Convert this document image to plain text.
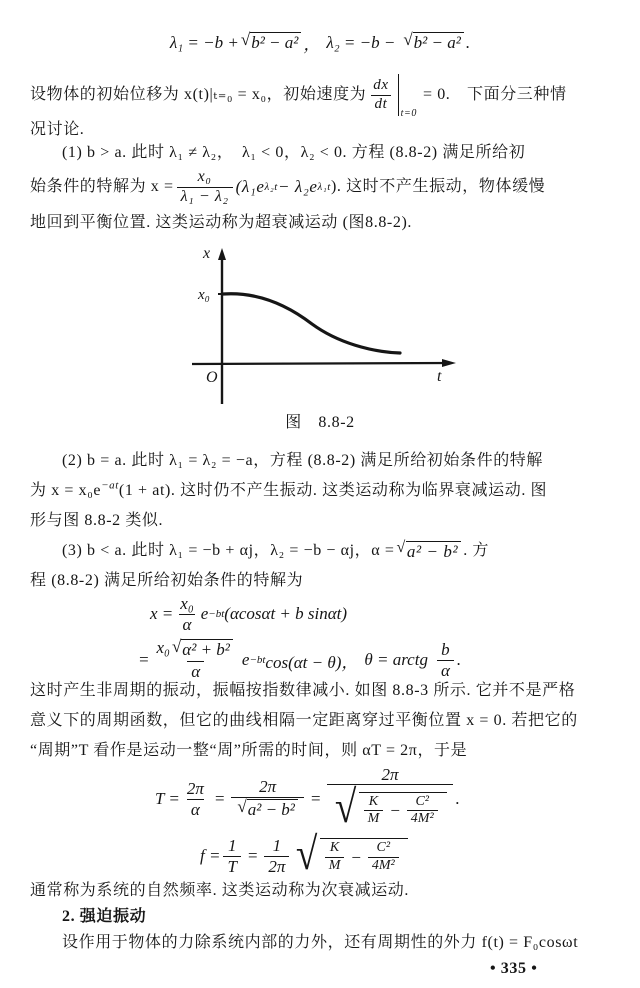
λ₁ = −b + √ b² − a² ， λ₂ = −b − √ b² − a² .
设物体的初始位移为 x(t)|ₜ₌₀ = x₀，初始速度为 $\frac{dx}{dt}$
t=0
= 0.　下面分三种情
况讨论.
(1) b > a. 此时 λ₁ ≠ λ₂，　λ₁ < 0，λ₂ < 0. 方程 (8.8-2) 满足所给初
始条件的特解为 $x = \frac{\text{x₀}}{\text{λ₁ − λ₂}} (\lambda_1e$ λ₂t − λ₂e λ₁t ). 这时不产生振动，物体缓慢
地回到平衡位置. 这类运动称为超衰减运动 (图8.8-2).
x
x₀
O	t
图　8.8-2
(2) b = a. 此时 λ₁ = λ₂ = −a，方程 (8.8-2) 满足所给初始条件的特解
为 $x = x_0e^{-at}(1 + at)$. 这时仍不产生振动. 这类运动称为临界衰减运动. 图
形与图 8.8-2 类似.
(3) b < a. 此时 λ₁ = −b + αj，λ₂ = −b − αj，α = √ a² − b² . 方
程 (8.8-2) 满足所给初始条件的特解为
$x = \frac{\text{x₀}}{\alpha}$ e −bt (αcosαt + b sinαt)
= $\frac{\text{x₀ √ α² + b²}}{\alpha}$ e −bt cos(αt − θ)， θ = arctg $\frac{b}{\alpha}$ .
这时产生非周期的振动，振幅按指数律减小. 如图 8.8-3 所示. 它并不是严格
意义下的周期函数，但它的曲线相隔一定距离穿过平衡位置 x = 0. 若把它的
“周期”T 看作是运动一整“周”所需的时间，则 αT = 2π，于是
$T = \frac{2\pi}{\alpha} = \frac{2\pi}{\text{√ a² − b²}}$ =
2π
√ $\frac{K}{M} - \frac{\text{C²}}{\text{4M²}}$ .
$f = \frac{1}{T} = \frac{1}{2\pi}$ √ $\frac{K}{M} - \frac{\text{C²}}{\text{4M²}}$
通常称为系统的自然频率. 这类运动称为次衰减运动.
2. 强迫振动
设作用于物体的力除系统内部的力外，还有周期性的外力 f(t) = F₀cosωt
• 335 •
